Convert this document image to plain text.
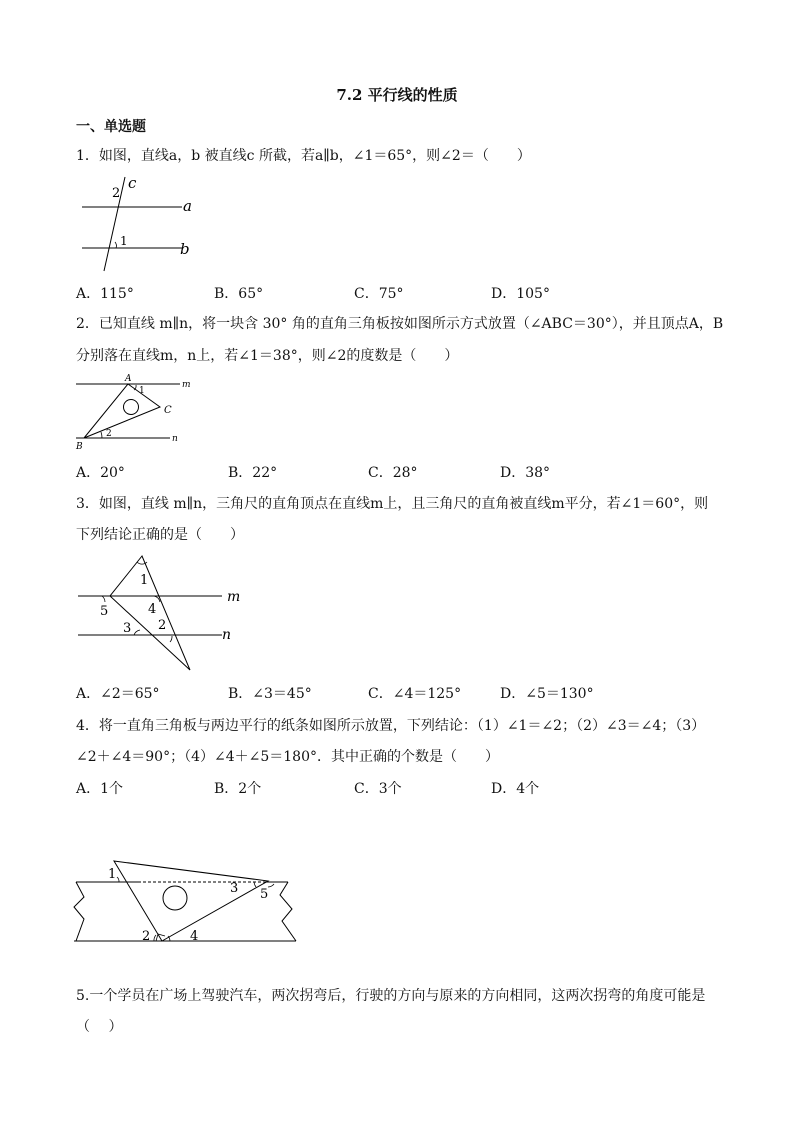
7.2 平行线的性质
一、单选题
1．如图，直线a，b 被直线c 所截，若a∥b，∠1＝65°，则∠2＝（　　）
c
2
a
1	b
A．115°	B．65°	C．75°	D．105°
2．已知直线 m∥n，将一块含 30° 角的直角三角板按如图所示方式放置（∠ABC＝30°），并且顶点A，B
分别落在直线m，n上，若∠1＝38°，则∠2的度数是（　　）
A
1
m
C
2	n
B
A．20°	B．22°	C．28°	D．38°
3．如图，直线 m∥n，三角尺的直角顶点在直线m上，且三角尺的直角被直线m平分，若∠1＝60°，则
下列结论正确的是（　　）
1
5	4
m
3 2
n
A．∠2＝65°	B．∠3＝45°	C．∠4＝125°	D．∠5＝130°
4．将一直角三角板与两边平行的纸条如图所示放置，下列结论：（1）∠1＝∠2；（2）∠3＝∠4；（3）
∠2＋∠4＝90°；（4）∠4＋∠5＝180°．其中正确的个数是（　　）
A．1个	B．2个	C．3个	D．4个
1
3 5
2	4
5.一个学员在广场上驾驶汽车，两次拐弯后，行驶的方向与原来的方向相同，这两次拐弯的角度可能是
（　 ）
